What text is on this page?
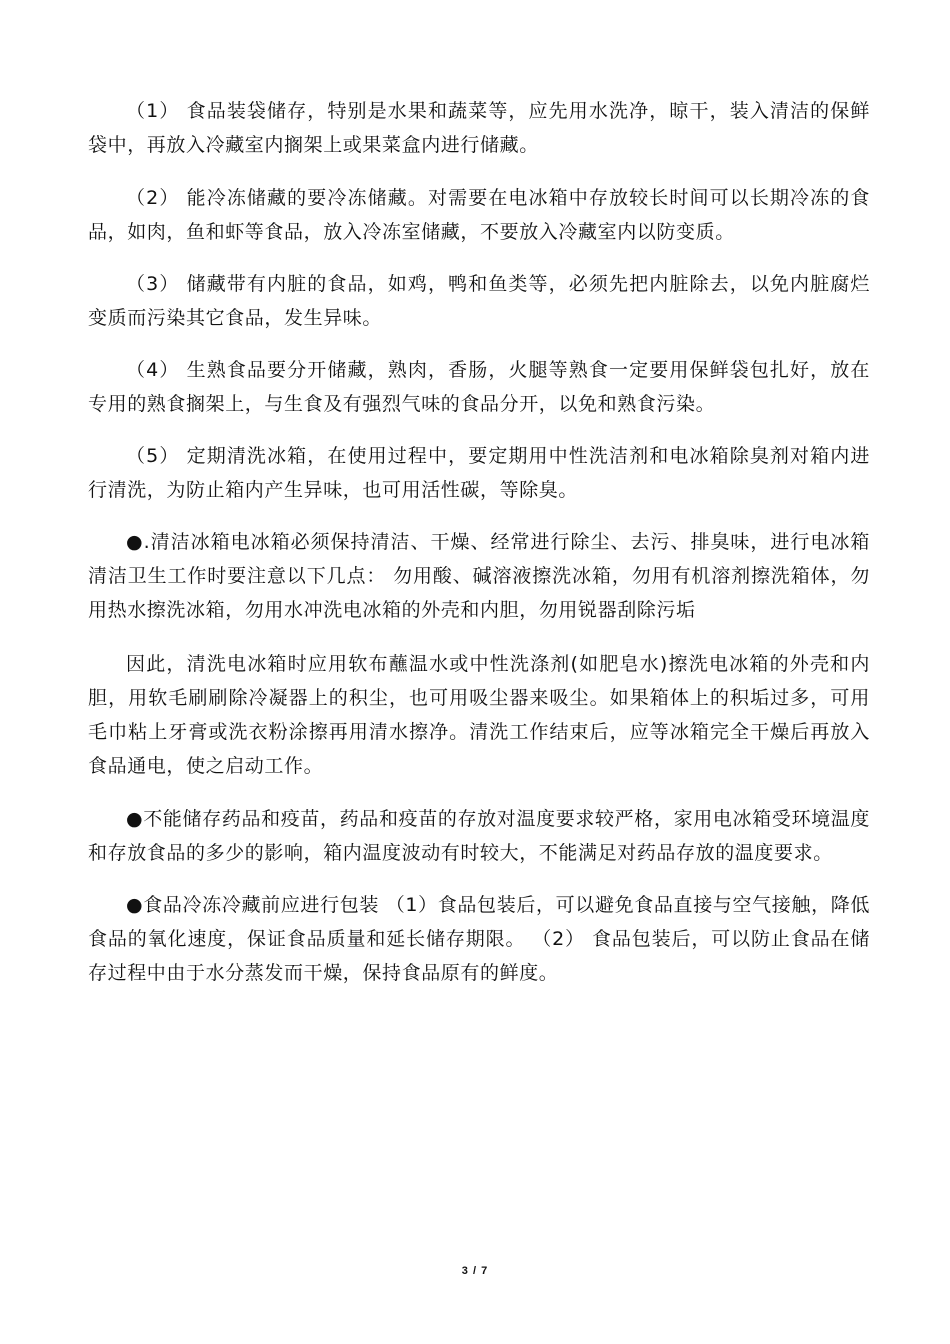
（1） 食品装袋储存，特别是水果和蔬菜等，应先用水洗净，晾干，装入清洁的保鲜袋中，再放入冷藏室内搁架上或果菜盒内进行储藏。

（2） 能冷冻储藏的要冷冻储藏。对需要在电冰箱中存放较长时间可以长期冷冻的食品，如肉，鱼和虾等食品，放入冷冻室储藏，不要放入冷藏室内以防变质。

（3） 储藏带有内脏的食品，如鸡，鸭和鱼类等，必须先把内脏除去，以免内脏腐烂变质而污染其它食品，发生异味。

（4） 生熟食品要分开储藏，熟肉，香肠，火腿等熟食一定要用保鲜袋包扎好，放在专用的熟食搁架上，与生食及有强烈气味的食品分开，以免和熟食污染。

（5） 定期清洗冰箱，在使用过程中，要定期用中性洗洁剂和电冰箱除臭剂对箱内进行清洗，为防止箱内产生异味，也可用活性碳，等除臭。

●.清洁冰箱电冰箱必须保持清洁、干燥、经常进行除尘、去污、排臭味，进行电冰箱清洁卫生工作时要注意以下几点： 勿用酸、碱溶液擦洗冰箱，勿用有机溶剂擦洗箱体，勿用热水擦洗冰箱，勿用水冲洗电冰箱的外壳和内胆，勿用锐器刮除污垢

因此，清洗电冰箱时应用软布蘸温水或中性洗涤剂(如肥皂水)擦洗电冰箱的外壳和内胆，用软毛刷刷除冷凝器上的积尘，也可用吸尘器来吸尘。如果箱体上的积垢过多，可用毛巾粘上牙膏或洗衣粉涂擦再用清水擦净。清洗工作结束后，应等冰箱完全干燥后再放入食品通电，使之启动工作。

●不能储存药品和疫苗，药品和疫苗的存放对温度要求较严格，家用电冰箱受环境温度和存放食品的多少的影响，箱内温度波动有时较大，不能满足对药品存放的温度要求。

●食品冷冻冷藏前应进行包装 （1）食品包装后，可以避免食品直接与空气接触，降低食品的氧化速度，保证食品质量和延长储存期限。 （2） 食品包装后，可以防止食品在储存过程中由于水分蒸发而干燥，保持食品原有的鲜度。

3 / 7
